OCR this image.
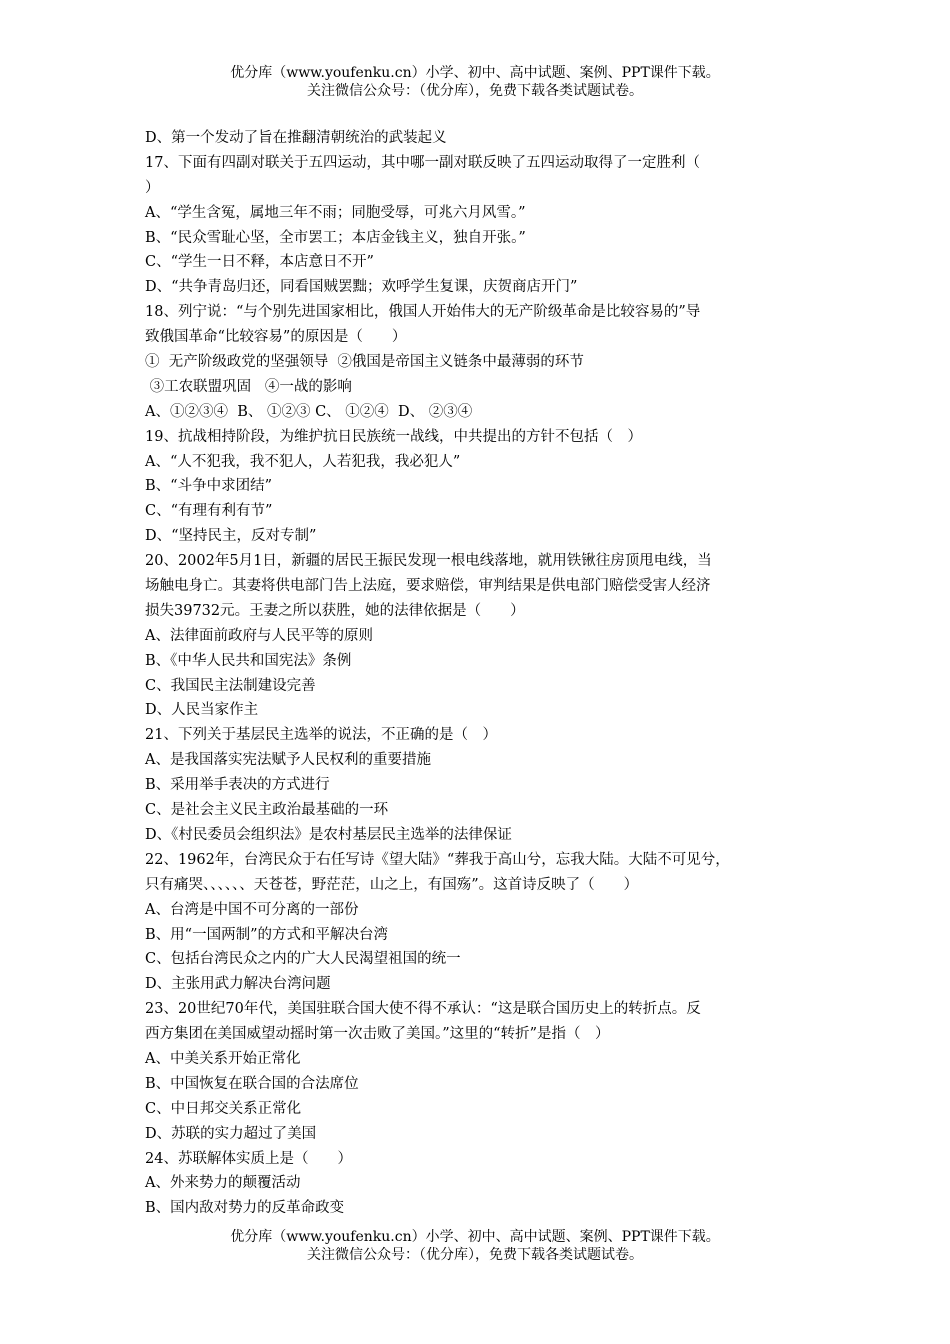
优分库（www.youfenku.cn）小学、初中、高中试题、案例、PPT课件下载。
关注微信公众号：（优分库），免费下载各类试题试卷。
D、第一个发动了旨在推翻清朝统治的武装起义
17、下面有四副对联关于五四运动，其中哪一副对联反映了五四运动取得了一定胜利（
）
A、“学生含冤，属地三年不雨；同胞受辱，可兆六月风雪。”
B、“民众雪耻心坚，全市罢工；本店金钱主义，独自开张。”
C、“学生一日不释，本店意日不开”
D、“共争青岛归还，同看国贼罢黜；欢呼学生复课，庆贺商店开门”
18、列宁说：“与个别先进国家相比，俄国人开始伟大的无产阶级革命是比较容易的”导
致俄国革命“比较容易”的原因是（　　）
①  无产阶级政党的坚强领导  ②俄国是帝国主义链条中最薄弱的环节
③工农联盟巩固   ④一战的影响
A、①②③④  B、 ①②③ C、 ①②④  D、 ②③④
19、抗战相持阶段，为维护抗日民族统一战线，中共提出的方针不包括（　）
A、“人不犯我，我不犯人，人若犯我，我必犯人”
B、“斗争中求团结”
C、“有理有利有节”
D、“坚持民主，反对专制”
20、2002年5月1日，新疆的居民王振民发现一根电线落地，就用铁锹往房顶甩电线，当
场触电身亡。其妻将供电部门告上法庭，要求赔偿，审判结果是供电部门赔偿受害人经济
损失39732元。王妻之所以获胜，她的法律依据是（　　）
A、法律面前政府与人民平等的原则
B、《中华人民共和国宪法》条例
C、我国民主法制建设完善
D、人民当家作主
21、下列关于基层民主选举的说法，不正确的是（　）
A、是我国落实宪法赋予人民权利的重要措施
B、采用举手表决的方式进行
C、是社会主义民主政治最基础的一环
D、《村民委员会组织法》是农村基层民主选举的法律保证
22、1962年，台湾民众于右任写诗《望大陆》“葬我于高山兮，忘我大陆。大陆不可见兮，
只有痛哭、、、、、、天苍苍，野茫茫，山之上，有国殇”。这首诗反映了（　　）
A、台湾是中国不可分离的一部份
B、用“一国两制”的方式和平解决台湾
C、包括台湾民众之内的广大人民渴望祖国的统一
D、主张用武力解决台湾问题
23、20世纪70年代，美国驻联合国大使不得不承认：“这是联合国历史上的转折点。反
西方集团在美国威望动摇时第一次击败了美国。”这里的“转折”是指（　）
A、中美关系开始正常化
B、中国恢复在联合国的合法席位
C、中日邦交关系正常化
D、苏联的实力超过了美国
24、苏联解体实质上是（　　）
A、外来势力的颠覆活动
B、国内敌对势力的反革命政变
优分库（www.youfenku.cn）小学、初中、高中试题、案例、PPT课件下载。
关注微信公众号：（优分库），免费下载各类试题试卷。
